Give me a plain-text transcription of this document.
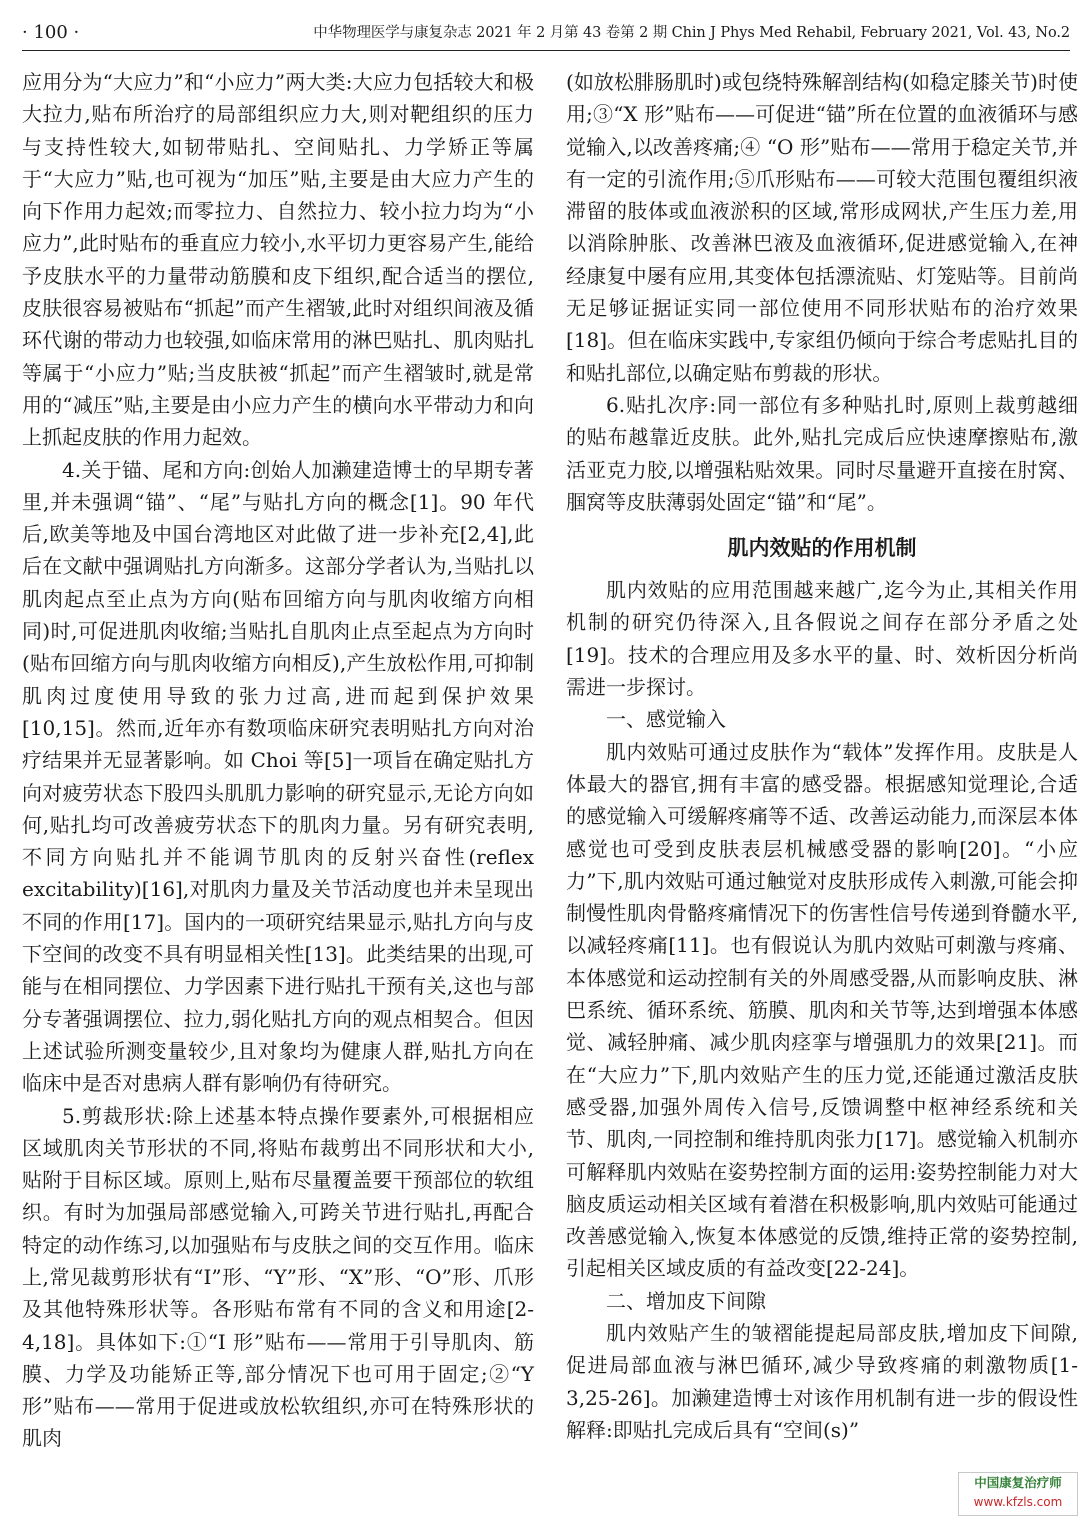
· 100 ·	中华物理医学与康复杂志 2021 年 2 月第 43 卷第 2 期 Chin J Phys Med Rehabil, February 2021, Vol. 43, No.2

应用分为“大应力”和“小应力”两大类:大应力包括较大和极大拉力,贴布所治疗的局部组织应力大,则对靶组织的压力与支持性较大,如韧带贴扎、空间贴扎、力学矫正等属于“大应力”贴,也可视为“加压”贴,主要是由大应力产生的向下作用力起效;而零拉力、自然拉力、较小拉力均为“小应力”,此时贴布的垂直应力较小,水平切力更容易产生,能给予皮肤水平的力量带动筋膜和皮下组织,配合适当的摆位,皮肤很容易被贴布“抓起”而产生褶皱,此时对组织间液及循环代谢的带动力也较强,如临床常用的淋巴贴扎、肌肉贴扎等属于“小应力”贴;当皮肤被“抓起”而产生褶皱时,就是常用的“减压”贴,主要是由小应力产生的横向水平带动力和向上抓起皮肤的作用力起效。

4.关于锚、尾和方向:创始人加濑建造博士的早期专著里,并未强调“锚”、“尾”与贴扎方向的概念[1]。90 年代后,欧美等地及中国台湾地区对此做了进一步补充[2,4],此后在文献中强调贴扎方向渐多。这部分学者认为,当贴扎以肌肉起点至止点为方向(贴布回缩方向与肌肉收缩方向相同)时,可促进肌肉收缩;当贴扎自肌肉止点至起点为方向时(贴布回缩方向与肌肉收缩方向相反),产生放松作用,可抑制肌肉过度使用导致的张力过高,进而起到保护效果[10,15]。然而,近年亦有数项临床研究表明贴扎方向对治疗结果并无显著影响。如 Choi 等[5]一项旨在确定贴扎方向对疲劳状态下股四头肌肌力影响的研究显示,无论方向如何,贴扎均可改善疲劳状态下的肌肉力量。另有研究表明,不同方向贴扎并不能调节肌肉的反射兴奋性(reflex excitability)[16],对肌肉力量及关节活动度也并未呈现出不同的作用[17]。国内的一项研究结果显示,贴扎方向与皮下空间的改变不具有明显相关性[13]。此类结果的出现,可能与在相同摆位、力学因素下进行贴扎干预有关,这也与部分专著强调摆位、拉力,弱化贴扎方向的观点相契合。但因上述试验所测变量较少,且对象均为健康人群,贴扎方向在临床中是否对患病人群有影响仍有待研究。

5.剪裁形状:除上述基本特点操作要素外,可根据相应区域肌肉关节形状的不同,将贴布裁剪出不同形状和大小,贴附于目标区域。原则上,贴布尽量覆盖要干预部位的软组织。有时为加强局部感觉输入,可跨关节进行贴扎,再配合特定的动作练习,以加强贴布与皮肤之间的交互作用。临床上,常见裁剪形状有“I”形、“Y”形、“X”形、“O”形、爪形及其他特殊形状等。各形贴布常有不同的含义和用途[2-4,18]。具体如下:①“I 形”贴布——常用于引导肌肉、筋膜、力学及功能矫正等,部分情况下也可用于固定;②“Y 形”贴布——常用于促进或放松软组织,亦可在特殊形状的肌肉

(如放松腓肠肌时)或包绕特殊解剖结构(如稳定膝关节)时使用;③“X 形”贴布——可促进“锚”所在位置的血液循环与感觉输入,以改善疼痛;④ “O 形”贴布——常用于稳定关节,并有一定的引流作用;⑤爪形贴布——可较大范围包覆组织液滞留的肢体或血液淤积的区域,常形成网状,产生压力差,用以消除肿胀、改善淋巴液及血液循环,促进感觉输入,在神经康复中屡有应用,其变体包括漂流贴、灯笼贴等。目前尚无足够证据证实同一部位使用不同形状贴布的治疗效果[18]。但在临床实践中,专家组仍倾向于综合考虑贴扎目的和贴扎部位,以确定贴布剪裁的形状。

6.贴扎次序:同一部位有多种贴扎时,原则上裁剪越细的贴布越靠近皮肤。此外,贴扎完成后应快速摩擦贴布,激活亚克力胶,以增强粘贴效果。同时尽量避开直接在肘窝、腘窝等皮肤薄弱处固定“锚”和“尾”。

肌内效贴的作用机制

肌内效贴的应用范围越来越广,迄今为止,其相关作用机制的研究仍待深入,且各假说之间存在部分矛盾之处[19]。技术的合理应用及多水平的量、时、效析因分析尚需进一步探讨。

一、感觉输入

肌内效贴可通过皮肤作为“载体”发挥作用。皮肤是人体最大的器官,拥有丰富的感受器。根据感知觉理论,合适的感觉输入可缓解疼痛等不适、改善运动能力,而深层本体感觉也可受到皮肤表层机械感受器的影响[20]。“小应力”下,肌内效贴可通过触觉对皮肤形成传入刺激,可能会抑制慢性肌肉骨骼疼痛情况下的伤害性信号传递到脊髓水平,以减轻疼痛[11]。也有假说认为肌内效贴可刺激与疼痛、本体感觉和运动控制有关的外周感受器,从而影响皮肤、淋巴系统、循环系统、筋膜、肌肉和关节等,达到增强本体感觉、减轻肿痛、减少肌肉痉挛与增强肌力的效果[21]。而在“大应力”下,肌内效贴产生的压力觉,还能通过激活皮肤感受器,加强外周传入信号,反馈调整中枢神经系统和关节、肌肉,一同控制和维持肌肉张力[17]。感觉输入机制亦可解释肌内效贴在姿势控制方面的运用:姿势控制能力对大脑皮质运动相关区域有着潜在积极影响,肌内效贴可能通过改善感觉输入,恢复本体感觉的反馈,维持正常的姿势控制,引起相关区域皮质的有益改变[22-24]。

二、增加皮下间隙

肌内效贴产生的皱褶能提起局部皮肤,增加皮下间隙,促进局部血液与淋巴循环,减少导致疼痛的刺激物质[1-3,25-26]。加濑建造博士对该作用机制有进一步的假设性解释:即贴扎完成后具有“空间(s)”

中国康复治疗师
www.kfzls.com
